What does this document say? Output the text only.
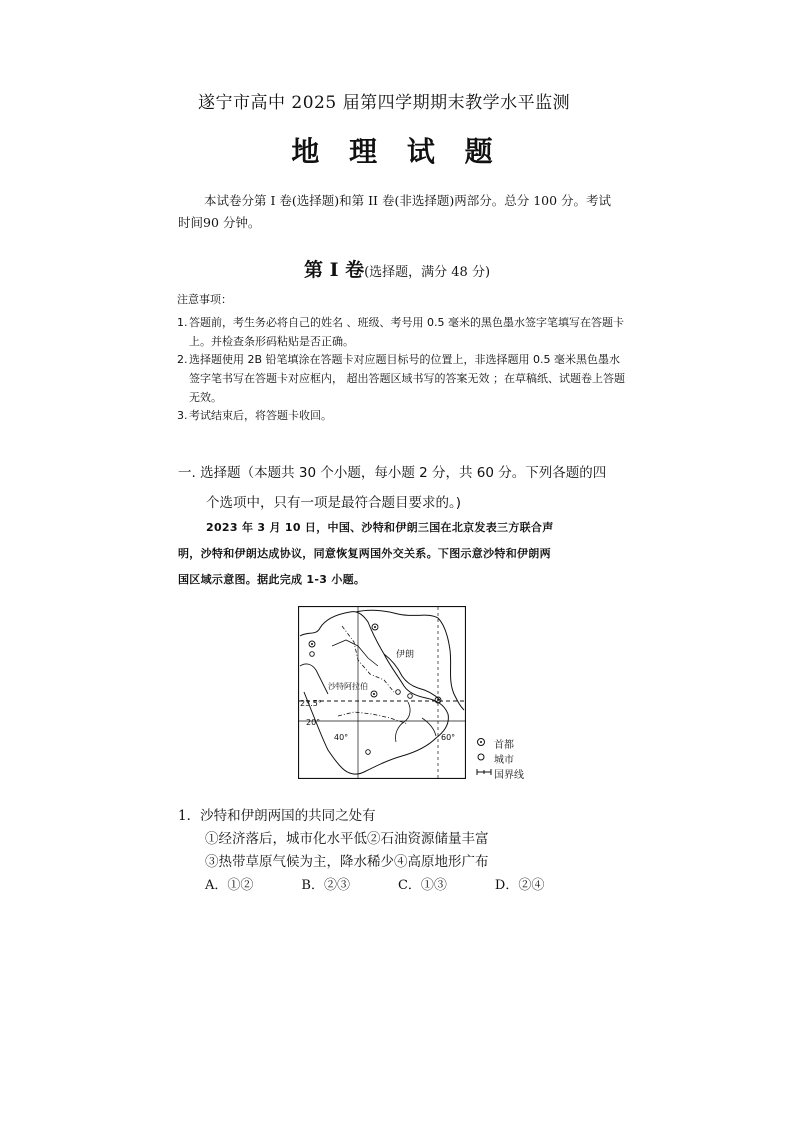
遂宁市高中 2025 届第四学期期末教学水平监测
地 理 试 题
本试卷分第 I 卷(选择题)和第 II 卷(非选择题)两部分。总分 100 分。考试时间90 分钟。
第 Ⅰ 卷(选择题，满分 48 分)
注意事项：
1. 答题前，考生务必将自己的姓名 、班级、考号用 0.5 毫米的黑色墨水签字笔填写在答题卡
上。并检查条形码粘贴是否正确。
2. 选择题使用 2B 铅笔填涂在答题卡对应题目标号的位置上，非选择题用 0.5 毫米黑色墨水
签字笔书写在答题卡对应框内， 超出答题区域书写的答案无效 ；在草稿纸、试题卷上答题无效。
3. 考试结束后，将答题卡收回。
一. 选择题（本题共 30 个小题，每小题 2 分，共 60 分。下列各题的四
个选项中，只有一项是最符合题目要求的。)

2023 年 3 月 10 日，中国、沙特和伊朗三国在北京发表三方联合声

明，沙特和伊朗达成协议，同意恢复两国外交关系。下图示意沙特和伊朗两

国区域示意图。据此完成 1-3 小题。

伊朗
沙特阿拉伯
23.5°
20°
40°	60°
首都
城市
国界线
1．沙特和伊朗两国的共同之处有
①经济落后，城市化水平低②石油资源储量丰富
③热带草原气候为主，降水稀少④高原地形广布
A．①②	B．②③	C．①③	D．②④
